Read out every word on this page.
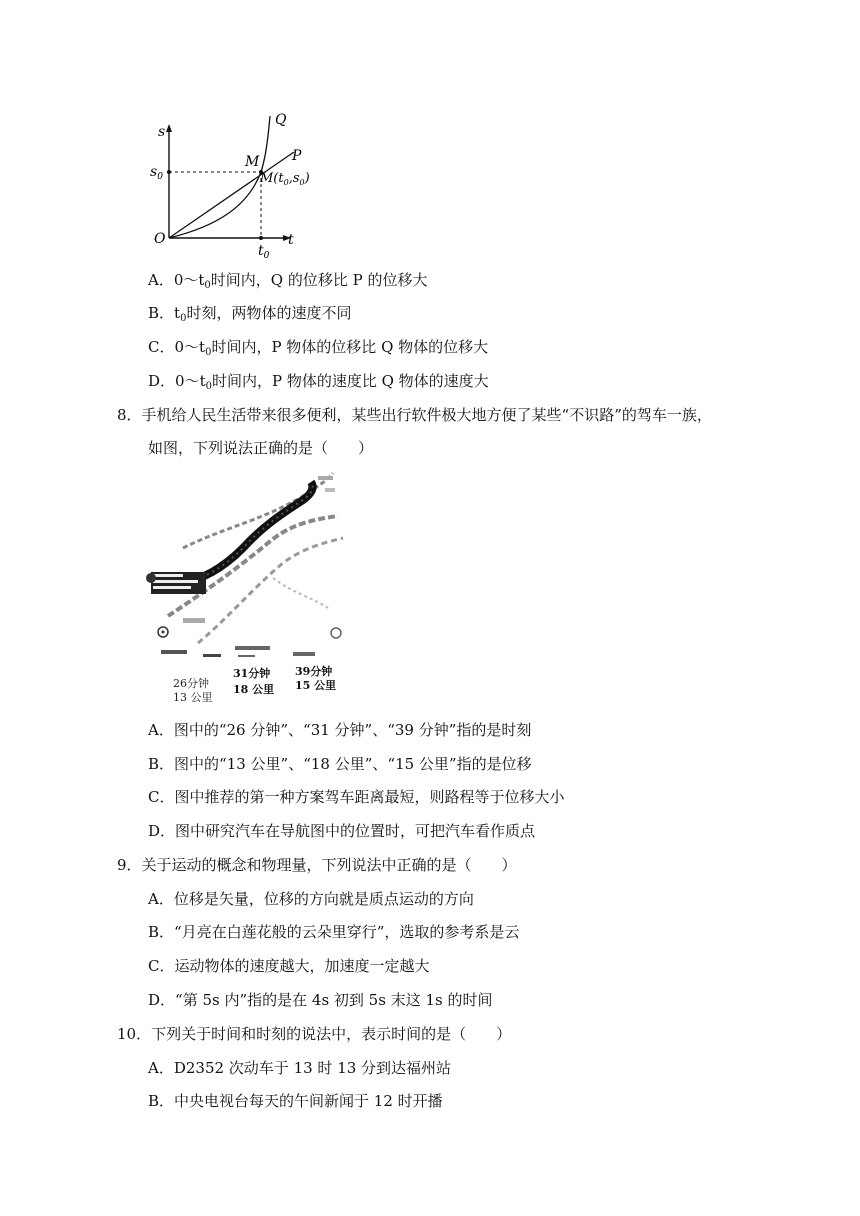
s
t
O
$s_0$
$t_0$
Q
P
M
$M(t_0,s_0)$
A．$0\sim t_0$时间内，Q 的位移比 P 的位移大
B．$t_0$时刻，两物体的速度不同
C．$0\sim t_0$时间内，P 物体的位移比 Q 物体的位移大
D．$0\sim t_0$时间内，P 物体的速度比 Q 物体的速度大
8．手机给人民生活带来很多便利，某些出行软件极大地方便了某些“不识路”的驾车一族，
如图，下列说法正确的是（　　）
26分钟
13 公里
31分钟
18 公里
39分钟
15 公里
A．图中的“26 分钟”、“31 分钟”、“39 分钟”指的是时刻
B．图中的“13 公里”、“18 公里”、“15 公里”指的是位移
C．图中推荐的第一种方案驾车距离最短，则路程等于位移大小
D．图中研究汽车在导航图中的位置时，可把汽车看作质点
9．关于运动的概念和物理量，下列说法中正确的是（　　）
A．位移是矢量，位移的方向就是质点运动的方向
B．“月亮在白莲花般的云朵里穿行”，选取的参考系是云
C．运动物体的速度越大，加速度一定越大
D．“第 5s 内”指的是在 4s 初到 5s 末这 1s 的时间
10．下列关于时间和时刻的说法中，表示时间的是（　　）
A．D2352 次动车于 13 时 13 分到达福州站
B．中央电视台每天的午间新闻于 12 时开播
